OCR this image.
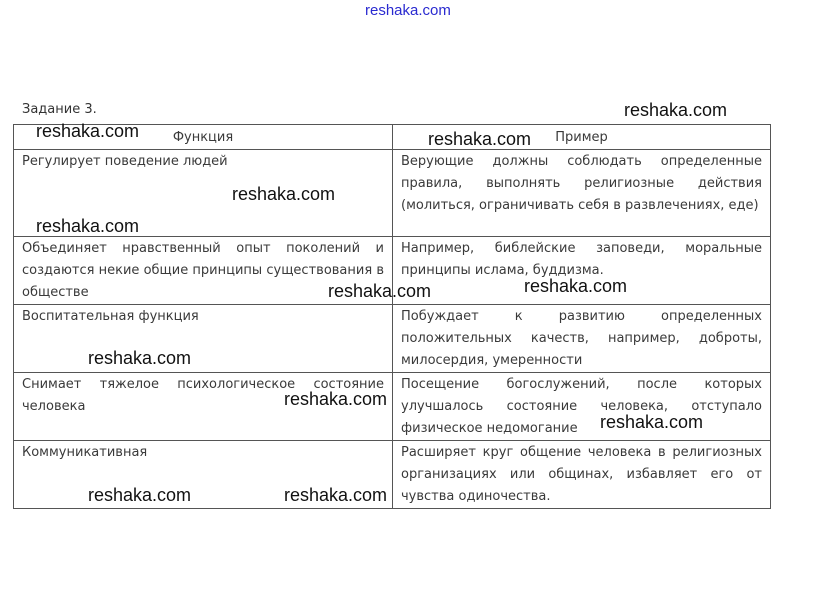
reshaka.com
Задание 3.
Функция	Пример
Регулирует поведение людей	Верующие должны соблюдать определенные правила, выполнять религиозные действия (молиться, ограничивать себя в развлечениях, еде)
Объединяет нравственный опыт поколений и создаются некие общие принципы существования в обществе	Например, библейские заповеди, моральные принципы ислама, буддизма.
Воспитательная функция	Побуждает к развитию определенных положительных качеств, например, доброты, милосердия, умеренности
Снимает тяжелое психологическое состояние человека	Посещение богослужений, после которых улучшалось состояние человека, отступало физическое недомогание
Коммуникативная	Расширяет круг общение человека в религиозных организациях или общинах, избавляет его от чувства одиночества.
reshaka.com
reshaka.com	reshaka.com
reshaka.com
reshaka.com
reshaka.com
reshaka.com
reshaka.com
reshaka.com
reshaka.com
reshaka.com	reshaka.com
